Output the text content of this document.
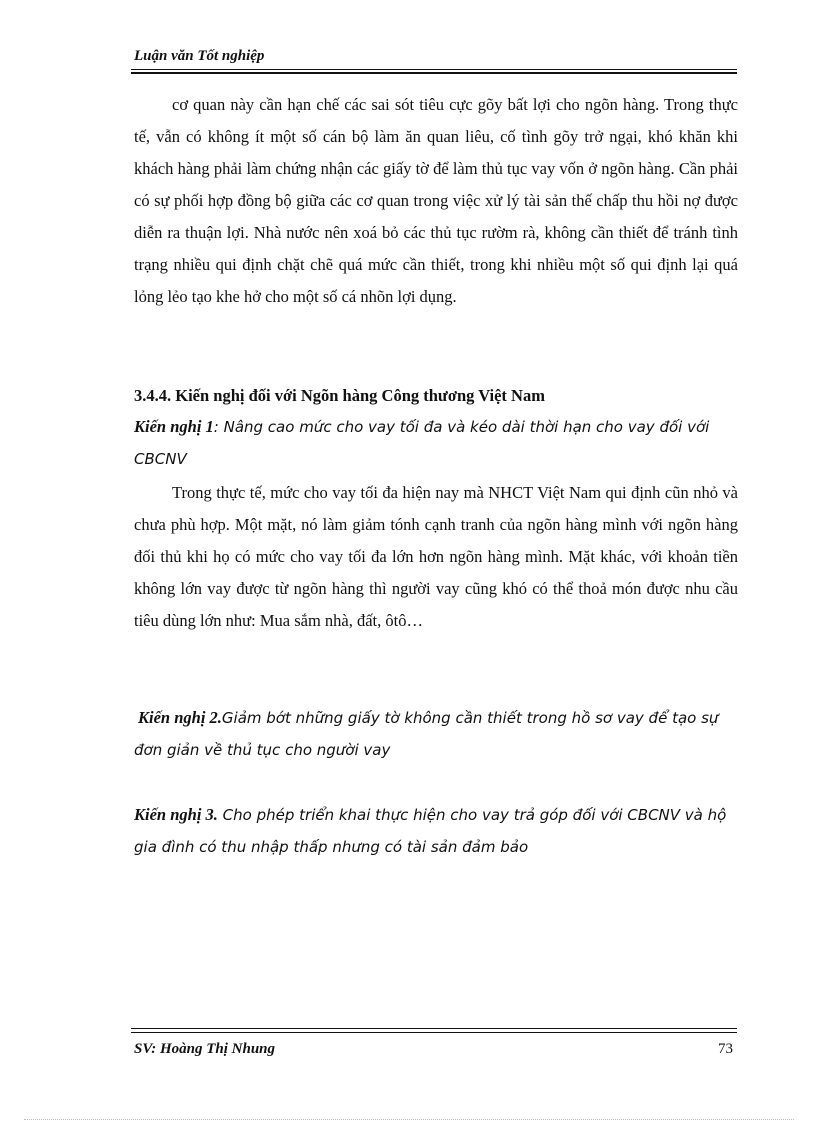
Luận văn Tốt nghiệp

cơ quan này cần hạn chế các sai sót tiêu cực gõy bất lợi cho ngõn hàng. Trong thực tế, vẫn có không ít một số cán bộ làm ăn quan liêu, cố tình gõy trở ngại, khó khăn khi khách hàng phải làm chứng nhận các giấy tờ để làm thủ tục vay vốn ở ngõn hàng. Cần phải có sự phối hợp đồng bộ giữa các cơ quan trong việc xử lý tài sản thế chấp thu hồi nợ được diễn ra thuận lợi. Nhà nước nên xoá bỏ các thủ tục rườm rà, không cần thiết để tránh tình trạng nhiều qui định chặt chẽ quá mức cần thiết, trong khi nhiều một số qui định lại quá lỏng lẻo tạo khe hở cho một số cá nhõn lợi dụng.

3.4.4. Kiến nghị đối với Ngõn hàng Công thương Việt Nam
Kiến nghị 1: Nâng cao mức cho vay tối đa và kéo dài thời hạn cho vay đối với CBCNV

Trong thực tế, mức cho vay tối đa hiện nay mà NHCT Việt Nam qui định cũn nhỏ và chưa phù hợp. Một mặt, nó làm giảm tónh cạnh tranh của ngõn hàng mình với ngõn hàng đối thủ khi họ có mức cho vay tối đa lớn hơn ngõn hàng mình. Mặt khác, với khoản tiền không lớn vay được từ ngõn hàng thì người vay cũng khó có thể thoả món được nhu cầu tiêu dùng lớn như: Mua sắm nhà, đất, ôtô…

Kiến nghị 2.Giảm bớt những giấy tờ không cần thiết trong hồ sơ vay để tạo sự đơn giản về thủ tục cho người vay
Kiến nghị 3. Cho phép triển khai thực hiện cho vay trả góp đối với CBCNV và hộ gia đình có thu nhập thấp nhưng có tài sản đảm bảo
SV: Hoàng Thị Nhung	73
